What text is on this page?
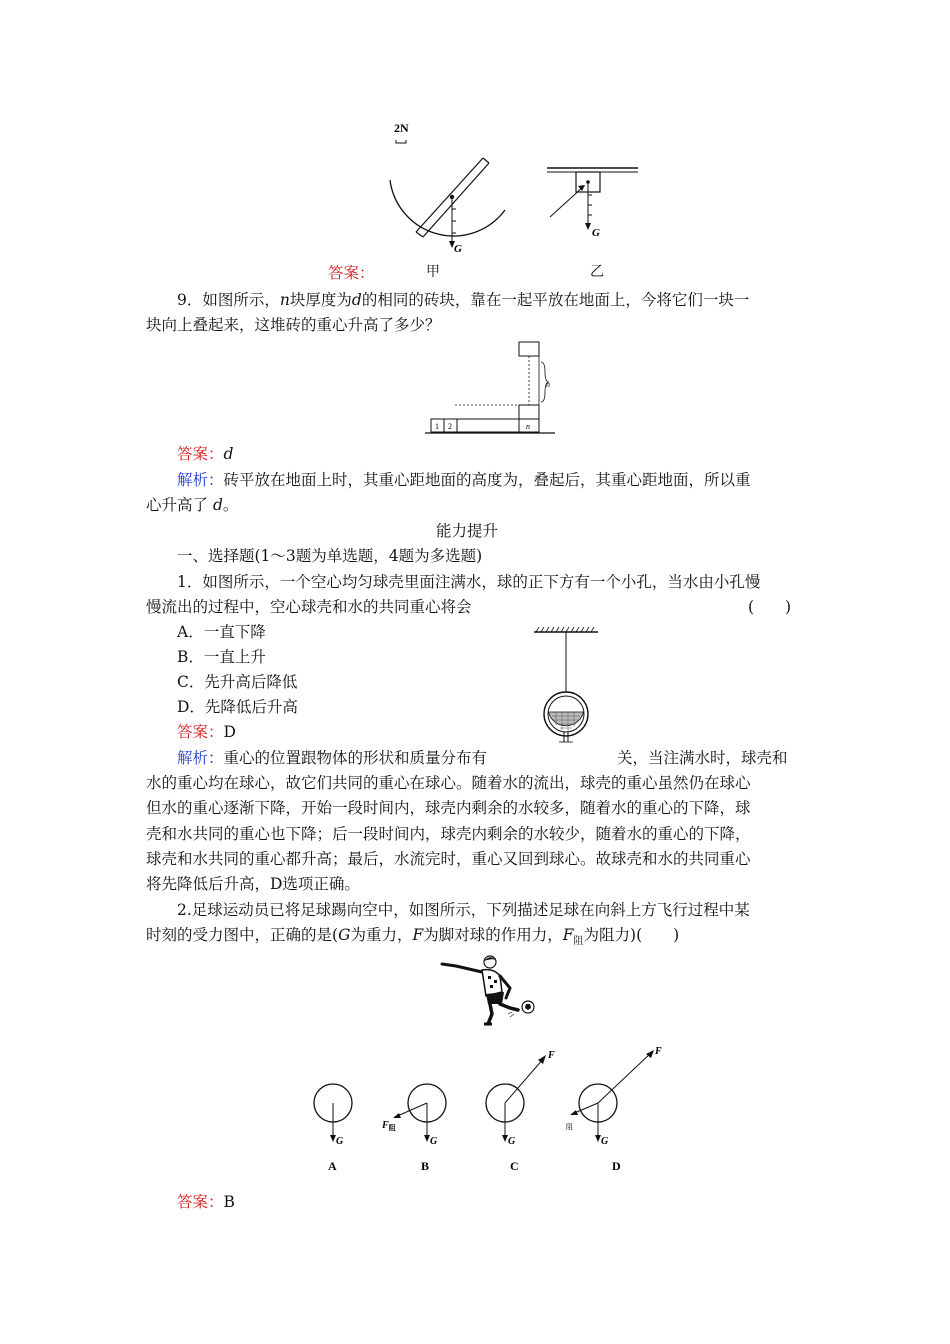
2N
G
G
答案：	甲	乙
9．如图所示，n块厚度为d的相同的砖块，靠在一起平放在地面上，今将它们一块一
块向上叠起来，这堆砖的重心升高了多少？
n
1 2	n
答案：d
解析：砖平放在地面上时，其重心距地面的高度为，叠起后，其重心距地面，所以重
心升高了 d。
能力提升
一、选择题(1～3题为单选题，4题为多选题)
1．如图所示，一个空心均匀球壳里面注满水，球的正下方有一个小孔，当水由小孔慢
慢流出的过程中，空心球壳和水的共同重心将会	(　　)
A．一直下降
B．一直上升
C．先升高后降低
D．先降低后升高
答案：D
解析：重心的位置跟物体的形状和质量分布有	关，当注满水时，球壳和
水的重心均在球心，故它们共同的重心在球心。随着水的流出，球壳的重心虽然仍在球心
但水的重心逐渐下降，开始一段时间内，球壳内剩余的水较多，随着水的重心的下降，球
壳和水共同的重心也下降；后一段时间内，球壳内剩余的水较少，随着水的重心的下降，
球壳和水共同的重心都升高；最后，水流完时，重心又回到球心。故球壳和水的共同重心
将先降低后升高，D选项正确。
2.足球运动员已将足球踢向空中，如图所示，下列描述足球在向斜上方飞行过程中某
时刻的受力图中，正确的是(G为重力，F为脚对球的作用力，$F_阻$为阻力)(　　)
G
A
G
$F_阻$
B
G
F
C
G
F
阻
D
答案：B
